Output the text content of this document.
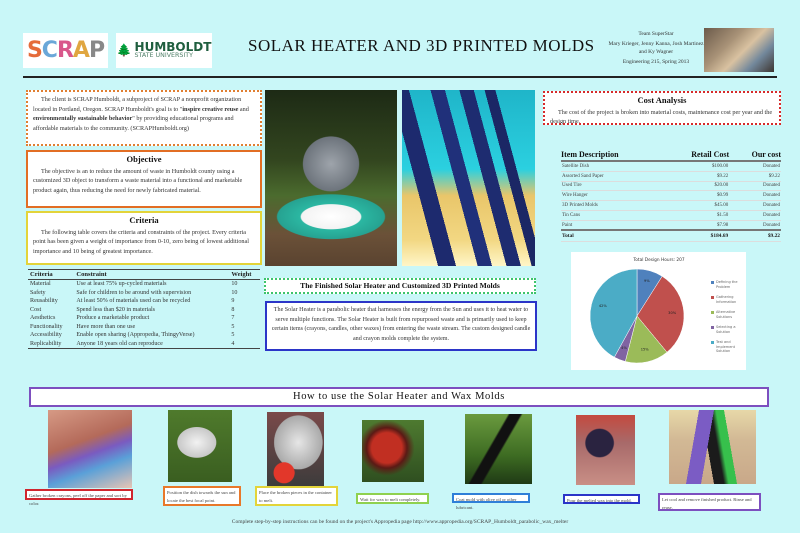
SCRAP 🌲 HUMBOLDT
STATE UNIVERSITY
SOLAR HEATER AND 3D PRINTED MOLDS
Team SuperStar
Mary Krieger, Jenny Kanna, Josh Martinez and Ky Wagner
Engineering 215, Spring 2013

The client is SCRAP Humboldt, a subproject of SCRAP a nonprofit organization located in Portland, Oregon. SCRAP Humboldt's goal is to "inspire creative reuse and environmentally sustainable behavior" by providing educational programs and affordable materials to the community. (SCRAPHumboldt.org)

Objective

The objective is an to reduce the amount of waste in Humboldt county using a customized 3D object to transform a waste material into a functional and marketable product again, thus reducing the need for newly fabricated material.

Criteria

The following table covers the criteria and constraints of the project. Every criteria point has been given a weight of importance from 0-10, zero being of lowest additional importance and 10 being of greatest importance.

Criteria	Constraint	Weight
Material	Use at least 75% up-cycled materials	10
Safety	Safe for children to be around with supervision	10
Reusability	At least 50% of materials used can be recycled	9
Cost	Spend less than $20 in materials	8
Aesthetics	Produce a marketable product	7
Functionality	Have more than one use	5
Accessibility	Enable open sharing (Appropedia, ThingyVerse)	5
Replicability	Anyone 18 years old can reproduce	4
The Finished Solar Heater and Customized 3D Printed Molds
The Solar Heater is a parabolic heater that harnesses the energy from the Sun and uses it to heat water to serve multiple functions. The Solar Heater is built from repurposed waste and is primarily used to keep certain items (crayons, candles, other waxes) from entering the waste stream. The custom designed candle and crayon molds complete the system.
Cost Analysis

The cost of the project is broken into material costs, maintenance cost per year and the design time.

Item Description	Retail Cost	Our cost
Satellite Dish	$100.00	Donated
Assorted Sand Paper	$9.22	$9.22
Used Tire	$20.00	Donated
Wire Hanger	$0.99	Donated
3D Printed Molds	$45.00	Donated
Tin Cans	$1.50	Donated
Paint	$7.98	Donated
Total	$184.69	$9.22
Total Design Hours: 207
9%
30%
15%
4%
42%
Defining the Problem
Gathering Information
Alternative Solutions
Selecting a Solution
Test and Implement Solution
How to use the Solar Heater and Wax Molds
Gather broken crayons, peel off the paper and sort by color.
Position the dish towards the sun and locate the best focal point.
Place the broken pieces in the container to melt.	Wait for wax to melt completely.	Coat mold with olive oil or other lubricant.
Pour the melted wax into the mold.	Let cool and remove finished product. Rinse and reuse.
Complete step-by-step instructions can be found on the project's Appropedia page http://www.appropedia.org/SCRAP_Humboldt_parabolic_wax_melter
